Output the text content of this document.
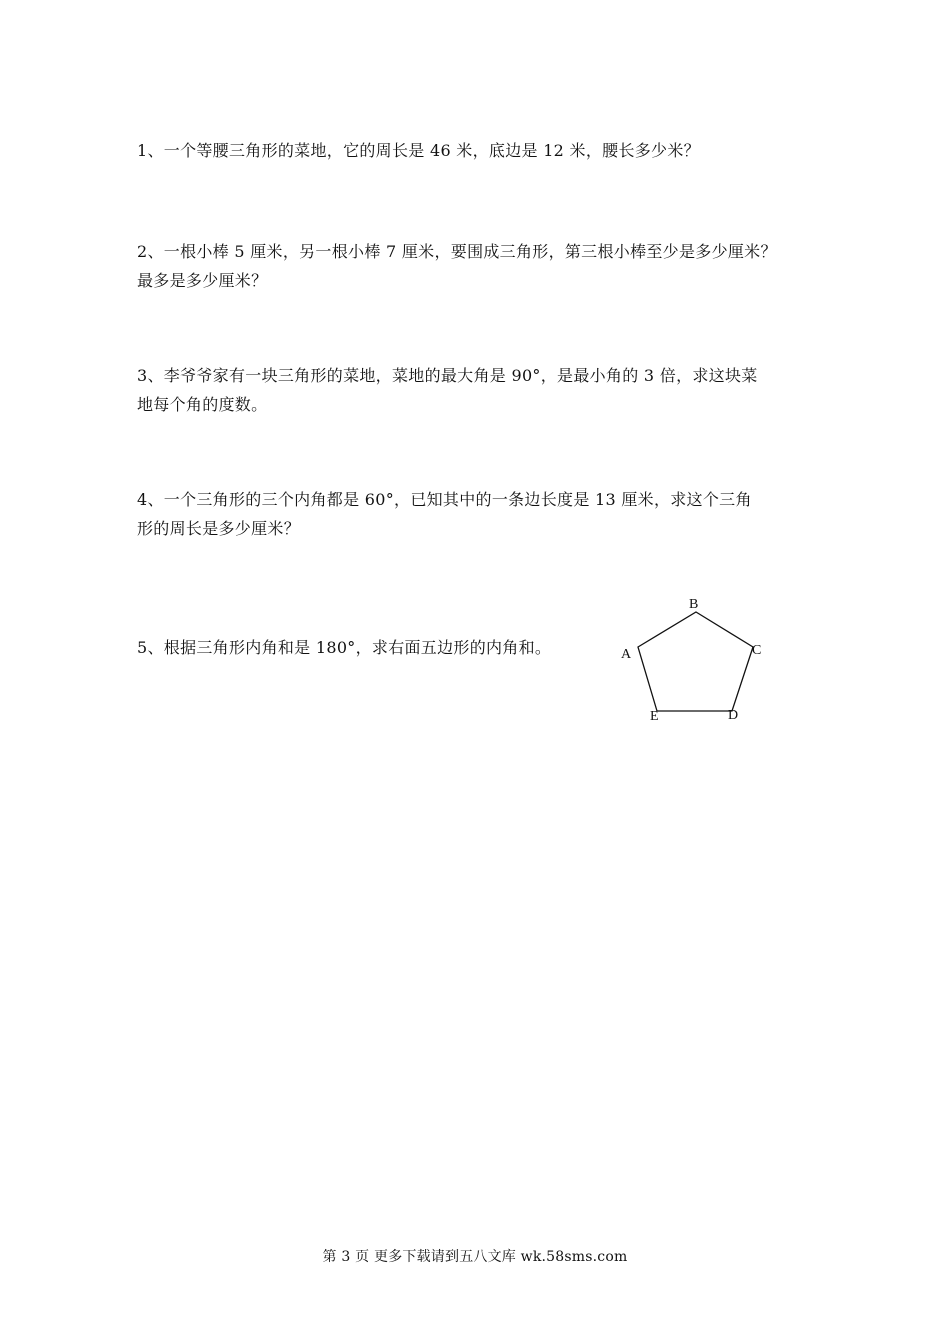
1、一个等腰三角形的菜地，它的周长是 46 米，底边是 12 米，腰长多少米？

2、一根小棒 5 厘米，另一根小棒 7 厘米，要围成三角形，第三根小棒至少是多少厘米？

最多是多少厘米？

3、李爷爷家有一块三角形的菜地，菜地的最大角是 90°，是最小角的 3 倍，求这块菜

地每个角的度数。

4、一个三角形的三个内角都是 60°，已知其中的一条边长度是 13 厘米，求这个三角

形的周长是多少厘米？

5、根据三角形内角和是 180°，求右面五边形的内角和。

B
A	C
E	D
第 3 页 更多下载请到五八文库 wk.58sms.com
